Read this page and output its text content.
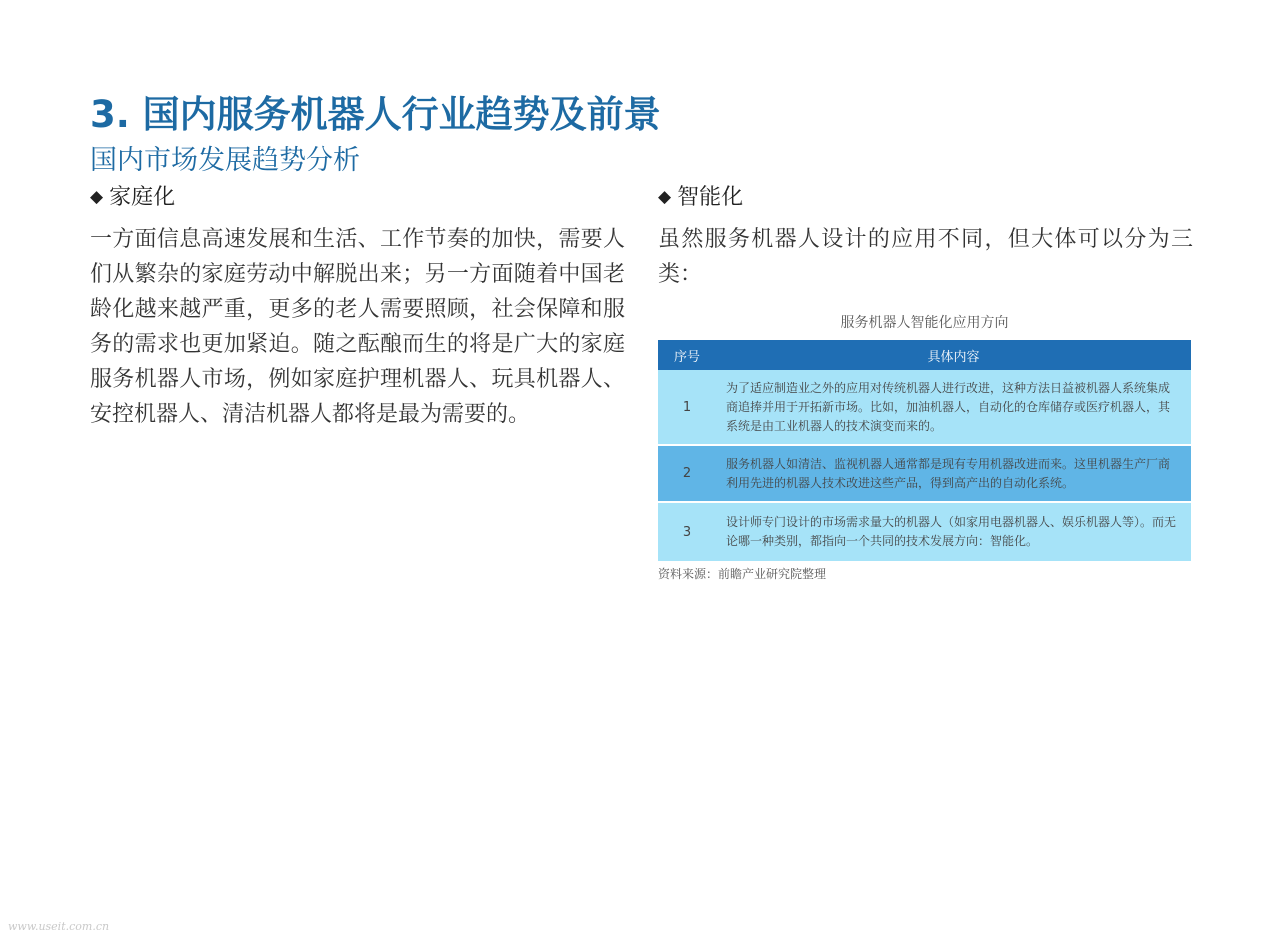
3. 国内服务机器人行业趋势及前景
国内市场发展趋势分析
◆ 家庭化
一方面信息高速发展和生活、工作节奏的加快，需要人们从繁杂的家庭劳动中解脱出来；另一方面随着中国老龄化越来越严重，更多的老人需要照顾，社会保障和服务的需求也更加紧迫。随之酝酿而生的将是广大的家庭服务机器人市场，例如家庭护理机器人、玩具机器人、安控机器人、清洁机器人都将是最为需要的。
◆ 智能化
虽然服务机器人设计的应用不同，但大体可以分为三类：
服务机器人智能化应用方向
序号	具体内容
1	为了适应制造业之外的应用对传统机器人进行改进，这种方法日益被机器人系统集成商追捧并用于开拓新市场。比如，加油机器人，自动化的仓库储存或医疗机器人，其系统是由工业机器人的技术演变而来的。
2	服务机器人如清洁、监视机器人通常都是现有专用机器改进而来。这里机器生产厂商利用先进的机器人技术改进这些产品，得到高产出的自动化系统。
3	设计师专门设计的市场需求量大的机器人（如家用电器机器人、娱乐机器人等）。而无论哪一种类别，都指向一个共同的技术发展方向：智能化。
资料来源：前瞻产业研究院整理
www.useit.com.cn
